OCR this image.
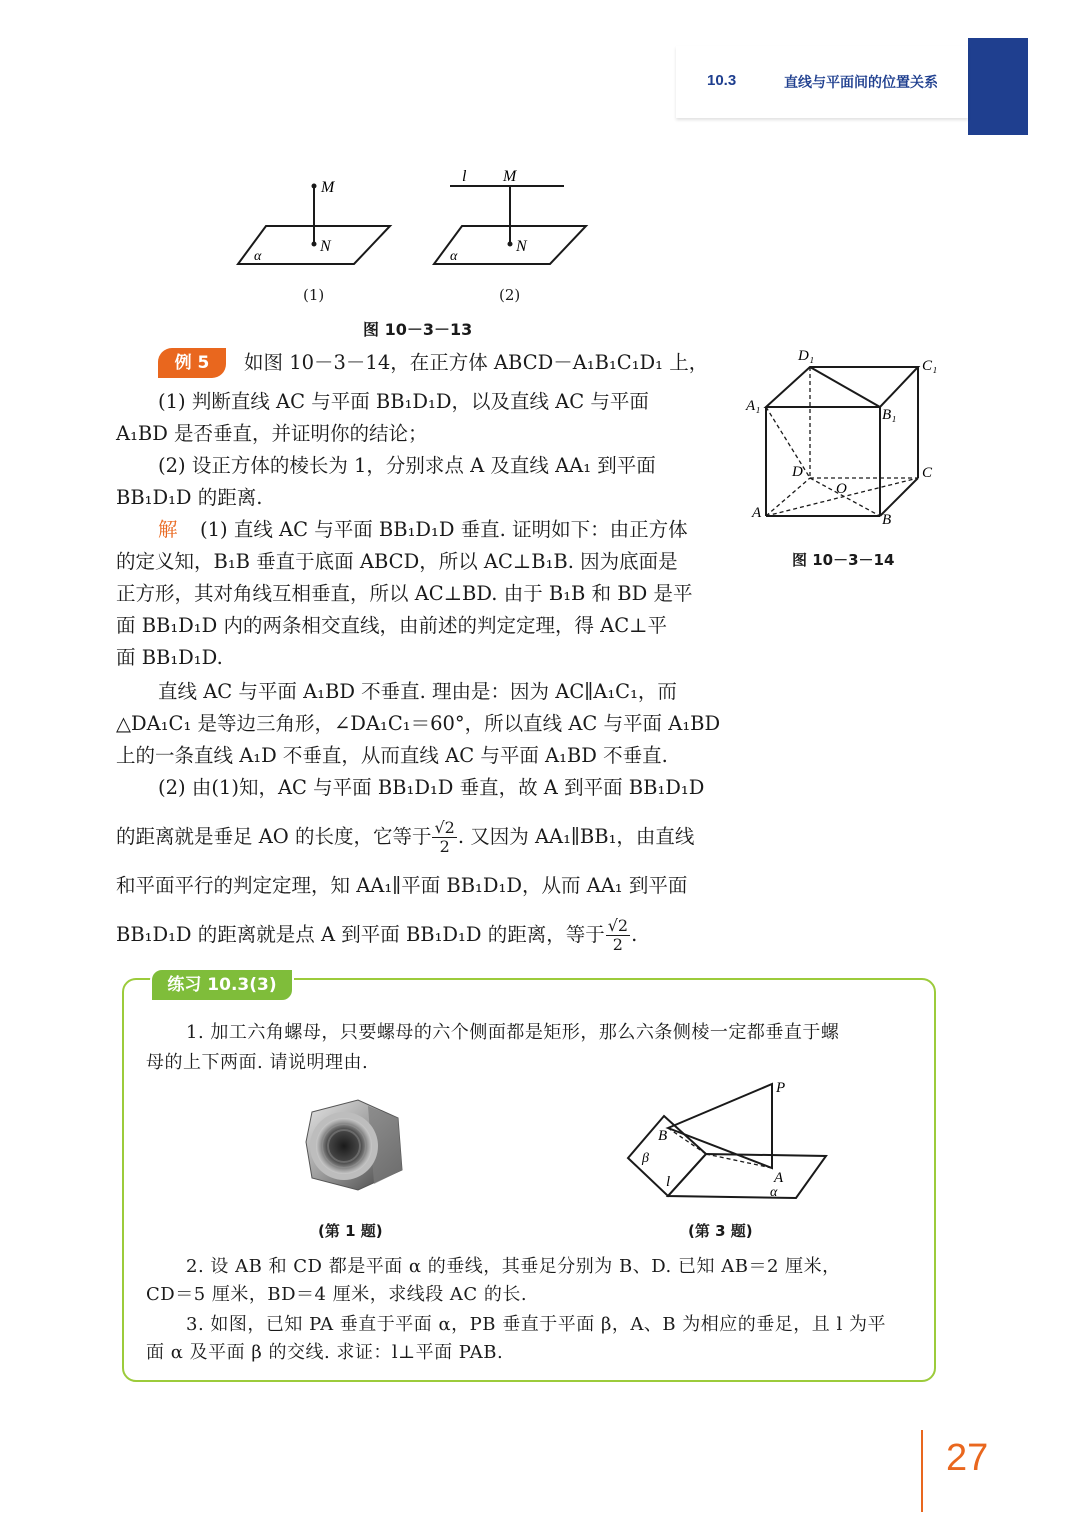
10.3	直线与平面间的位置关系
M
N
α
l M
N
α
(1)	(2)
图 10－3－13
例 5	如图 10－3－14，在正方体 ABCD－A₁B₁C₁D₁ 上，
(1) 判断直线 AC 与平面 BB₁D₁D，以及直线 AC 与平面
A₁BD 是否垂直，并证明你的结论；
(2) 设正方体的棱长为 1，分别求点 A 及直线 AA₁ 到平面
BB₁D₁D 的距离.
解	(1) 直线 AC 与平面 BB₁D₁D 垂直. 证明如下：由正方体
的定义知，B₁B 垂直于底面 ABCD，所以 AC⊥B₁B. 因为底面是
正方形，其对角线互相垂直，所以 AC⊥BD. 由于 B₁B 和 BD 是平
面 BB₁D₁D 内的两条相交直线，由前述的判定定理，得 AC⊥平
面 BB₁D₁D.
直线 AC 与平面 A₁BD 不垂直. 理由是：因为 AC∥A₁C₁，而
△DA₁C₁ 是等边三角形，∠DA₁C₁＝60°，所以直线 AC 与平面 A₁BD
上的一条直线 A₁D 不垂直，从而直线 AC 与平面 A₁BD 不垂直.
(2) 由(1)知，AC 与平面 BB₁D₁D 垂直，故 A 到平面 BB₁D₁D
的距离就是垂足 AO 的长度，它等于 $\frac{√2}{2}$ . 又因为 AA₁∥BB₁，由直线
和平面平行的判定定理，知 AA₁∥平面 BB₁D₁D，从而 AA₁ 到平面
BB₁D₁D 的距离就是点 A 到平面 BB₁D₁D 的距离，等于 $\frac{√2}{2}$ .
D₁
C₁
A₁
B₁
D	C
O
A	B
图 10－3－14
练习 10.3(3)
1. 加工六角螺母，只要螺母的六个侧面都是矩形，那么六条侧棱一定都垂直于螺
母的上下两面. 请说明理由.
P
B
A
β
l
α
(第 1 题)	(第 3 题)
2. 设 AB 和 CD 都是平面 α 的垂线，其垂足分别为 B、D. 已知 AB＝2 厘米，
CD＝5 厘米，BD＝4 厘米，求线段 AC 的长.
3. 如图，已知 PA 垂直于平面 α，PB 垂直于平面 β，A、B 为相应的垂足，且 l 为平
面 α 及平面 β 的交线. 求证：l⊥平面 PAB.
27
